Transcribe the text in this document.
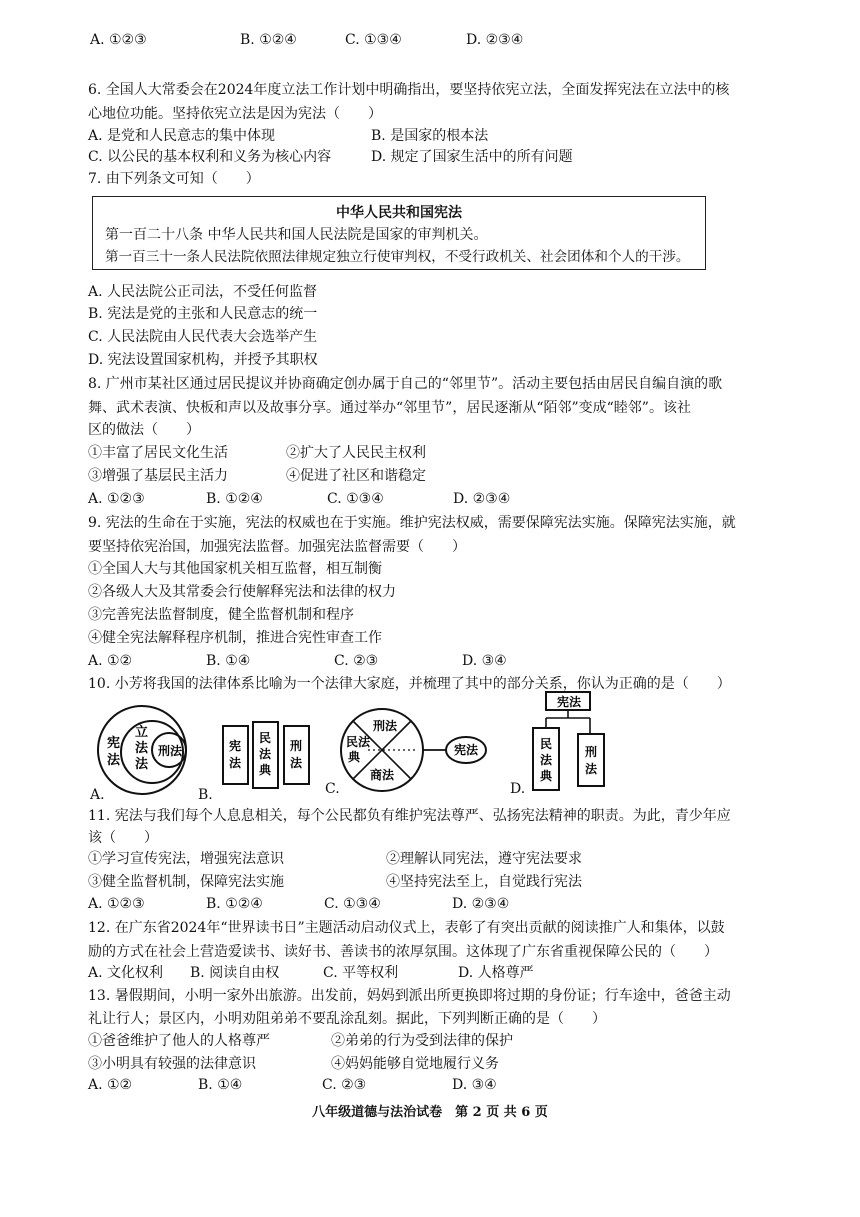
A. ①②③	B. ①②④	C. ①③④	D. ②③④
6. 全国人大常委会在2024年度立法工作计划中明确指出，要坚持依宪立法，全面发挥宪法在立法中的核
心地位功能。坚持依宪立法是因为宪法（　　）
A. 是党和人民意志的集中体现	B. 是国家的根本法
C. 以公民的基本权利和义务为核心内容	D. 规定了国家生活中的所有问题
7. 由下列条文可知（　　）
中华人民共和国宪法
第一百二十八条 中华人民共和国人民法院是国家的审判机关。
第一百三十一条人民法院依照法律规定独立行使审判权，不受行政机关、社会团体和个人的干涉。
A. 人民法院公正司法，不受任何监督
B. 宪法是党的主张和人民意志的统一
C. 人民法院由人民代表大会选举产生
D. 宪法设置国家机构，并授予其职权
8. 广州市某社区通过居民提议并协商确定创办属于自己的“邻里节”。活动主要包括由居民自编自演的歌
舞、武术表演、快板和声以及故事分享。通过举办“邻里节”，居民逐渐从“陌邻”变成“睦邻”。该社
区的做法（　　）
①丰富了居民文化生活	②扩大了人民民主权利
③增强了基层民主活力	④促进了社区和谐稳定
A. ①②③	B. ①②④	C. ①③④	D. ②③④
9. 宪法的生命在于实施，宪法的权威也在于实施。维护宪法权威，需要保障宪法实施。保障宪法实施，就
要坚持依宪治国，加强宪法监督。加强宪法监督需要（　　）
①全国人大与其他国家机关相互监督，相互制衡
②各级人大及其常委会行使解释宪法和法律的权力
③完善宪法监督制度，健全监督机制和程序
④健全宪法解释程序机制，推进合宪性审查工作
A. ①②	B. ①④	C. ②③	D. ③④
10. 小芳将我国的法律体系比喻为一个法律大家庭，并梳理了其中的部分关系，你认为正确的是（　　）
宪 法
立 法 法
刑法
A.
宪法
民法典
刑法
B.
刑法
民法典
商法
宪法
C.
宪法
民法典
刑法
D.
11. 宪法与我们每个人息息相关，每个公民都负有维护宪法尊严、弘扬宪法精神的职责。为此，青少年应
该（　　）
①学习宣传宪法，增强宪法意识	②理解认同宪法，遵守宪法要求
③健全监督机制，保障宪法实施	④坚持宪法至上，自觉践行宪法
A. ①②③	B. ①②④	C. ①③④	D. ②③④
12. 在广东省2024年“世界读书日”主题活动启动仪式上，表彰了有突出贡献的阅读推广人和集体，以鼓
励的方式在社会上营造爱读书、读好书、善读书的浓厚氛围。这体现了广东省重视保障公民的（　　）
A. 文化权利 B. 阅读自由权	C. 平等权利	D. 人格尊严
13. 暑假期间，小明一家外出旅游。出发前，妈妈到派出所更换即将过期的身份证；行车途中，爸爸主动
礼让行人；景区内，小明劝阻弟弟不要乱涂乱刻。据此，下列判断正确的是（　　）
①爸爸维护了他人的人格尊严	②弟弟的行为受到法律的保护
③小明具有较强的法律意识	④妈妈能够自觉地履行义务
A. ①②	B. ①④	C. ②③	D. ③④
八年级道德与法治试卷　第 2 页 共 6 页
